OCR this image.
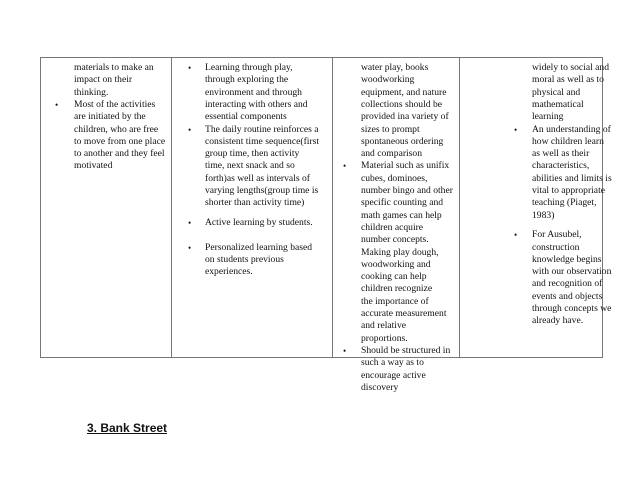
materials to make an
impact on their
thinking.
• Most of the activities
are initiated by the
children, who are free
to move from one place
to another and they feel
motivated
• Learning through play,
through exploring the
environment and through
interacting with others and
essential components
• The daily routine reinforces a
consistent time sequence(first
group time, then activity
time, next snack and so
forth)as well as intervals of
varying lengths(group time is
shorter than activity time)
• Active learning by students.
• Personalized learning based
on students previous
experiences.
water play, books
woodworking
equipment, and nature
collections should be
provided ina variety of
sizes to prompt
spontaneous ordering
and comparison
• Material such as unifix
cubes, dominoes,
number bingo and other
specific counting and
math games can help
children acquire
number concepts.
Making play dough,
woodworking and
cooking can help
children recognize
the importance of
accurate measurement
and relative
proportions.
• Should be structured in
such a way as to
encourage active
discovery
widely to social and
moral as well as to
physical and
mathematical
learning
• An understanding of
how children learn
as well as their
characteristics,
abilities and limits is
vital to appropriate
teaching (Piaget,
1983)
• For Ausubel,
construction
knowledge begins
with our observation
and recognition of
events and objects
through concepts we
already have.
3. Bank Street
